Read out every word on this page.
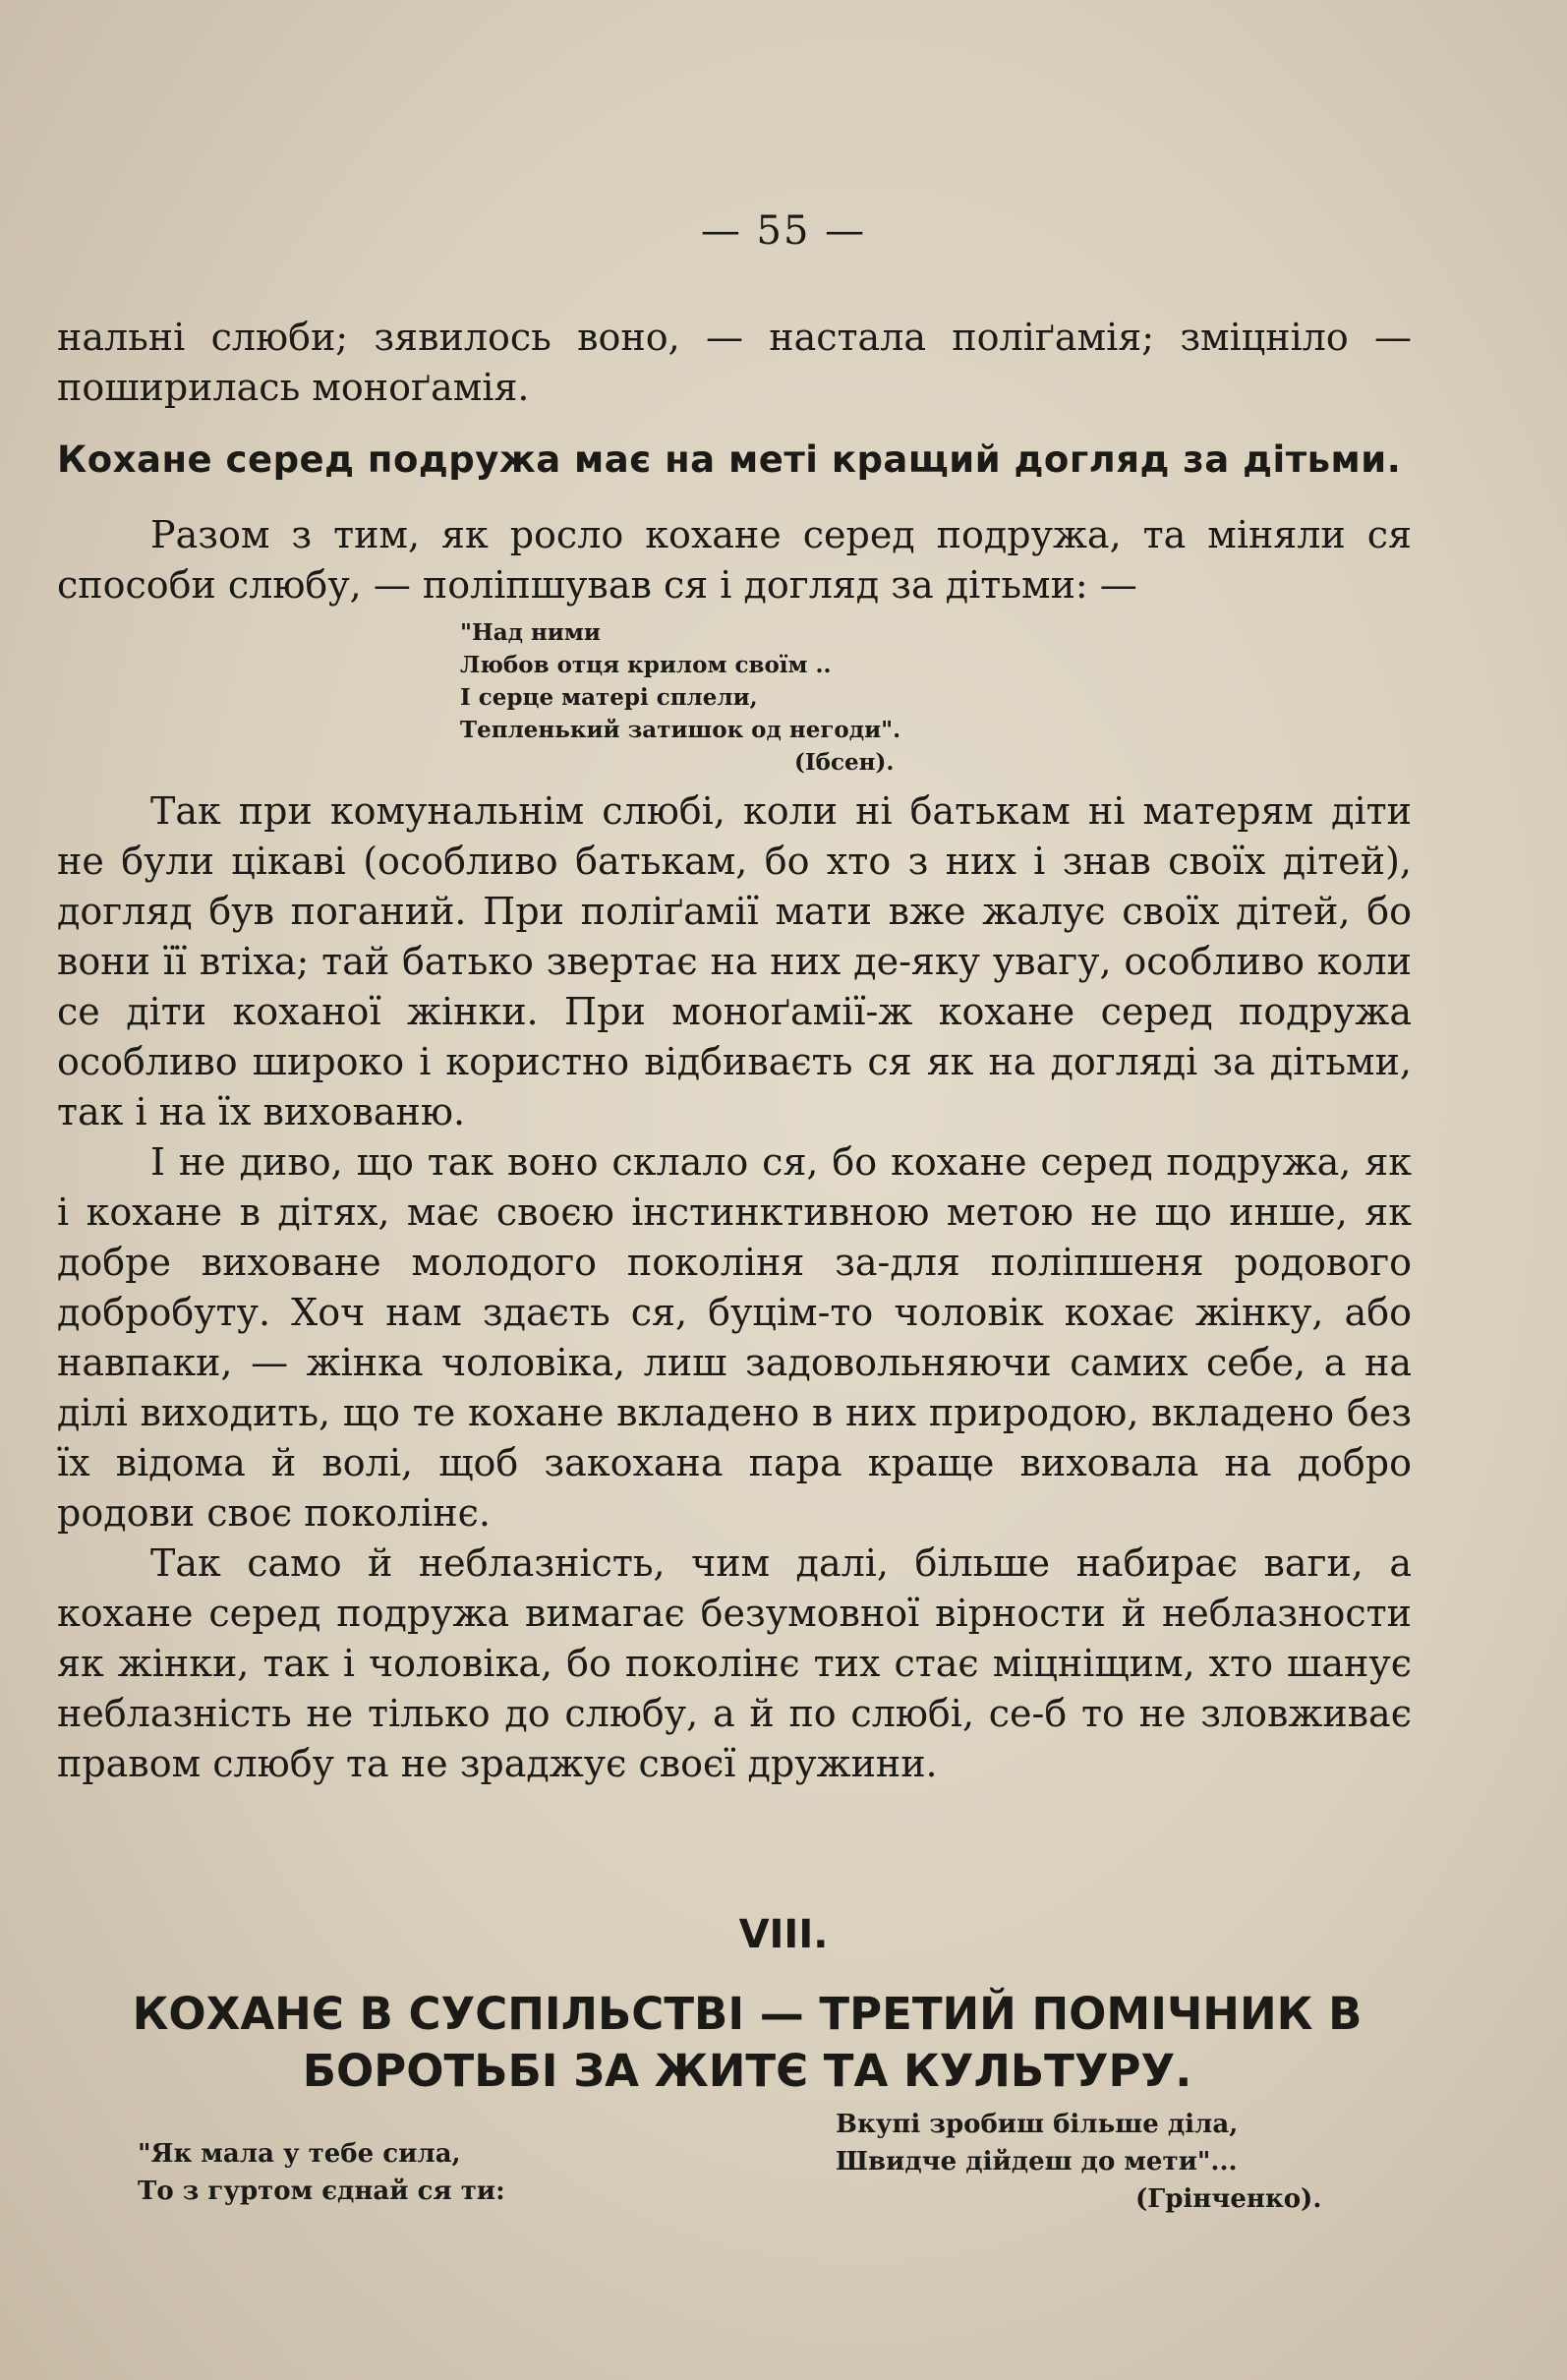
— 55 —

нальні слюби; зявилось воно, — настала поліґамія; зміцніло — поширилась моноґамія.

Кохане серед подружа має на меті кращий догляд за дітьми.

Разом з тим, як росло кохане серед подружа, та міняли ся способи слюбу, — поліпшував ся і догляд за дітьми: —

"Над ними
Любов отця крилом своїм ..
І серце матері сплели,
Тепленький затишок од негоди".
(Ібсен).

Так при комунальнім слюбі, коли ні батькам ні матерям діти не були цікаві (особливо батькам, бо хто з них і знав своїх дітей), догляд був поганий. При поліґамії мати вже жалує своїх дітей, бо вони її втіха; тай батько звертає на них де-яку увагу, особливо коли се діти коханої жінки. При моноґамії-ж кохане серед подружа особливо широко і користно відбиваєть ся як на догляді за дітьми, так і на їх вихованю.

І не диво, що так воно склало ся, бо кохане серед подружа, як і кохане в дітях, має своєю інстинктивною метою не що инше, як добре виховане молодого поколіня за-для поліпшеня родового добробуту. Хоч нам здаєть ся, буцім-то чоловік кохає жінку, або навпаки, — жінка чоловіка, лиш задовольняючи самих себе, а на ділі виходить, що те кохане вкладено в них природою, вкладено без їх відома й волі, щоб закохана пара краще виховала на добро родови своє поколінє.

Так само й неблазність, чим далі, більше набирає ваги, а кохане серед подружа вимагає безумовної вірности й неблазности як жінки, так і чоловіка, бо поколінє тих стає міцніщим, хто шанує неблазність не тілько до слюбу, а й по слюбі, се-б то не зловживає правом слюбу та не зраджує своєї дружини.

VIII.
КОХАНЄ В СУСПІЛЬСТВІ — ТРЕТИЙ ПОМІЧНИК В БОРОТЬБІ ЗА ЖИТЄ ТА КУЛЬТУРУ.
"Як мала у тебе сила,
То з гуртом єднай ся ти:
Вкупі зробиш більше діла,
Швидче дійдеш до мети"...
(Грінченко).
